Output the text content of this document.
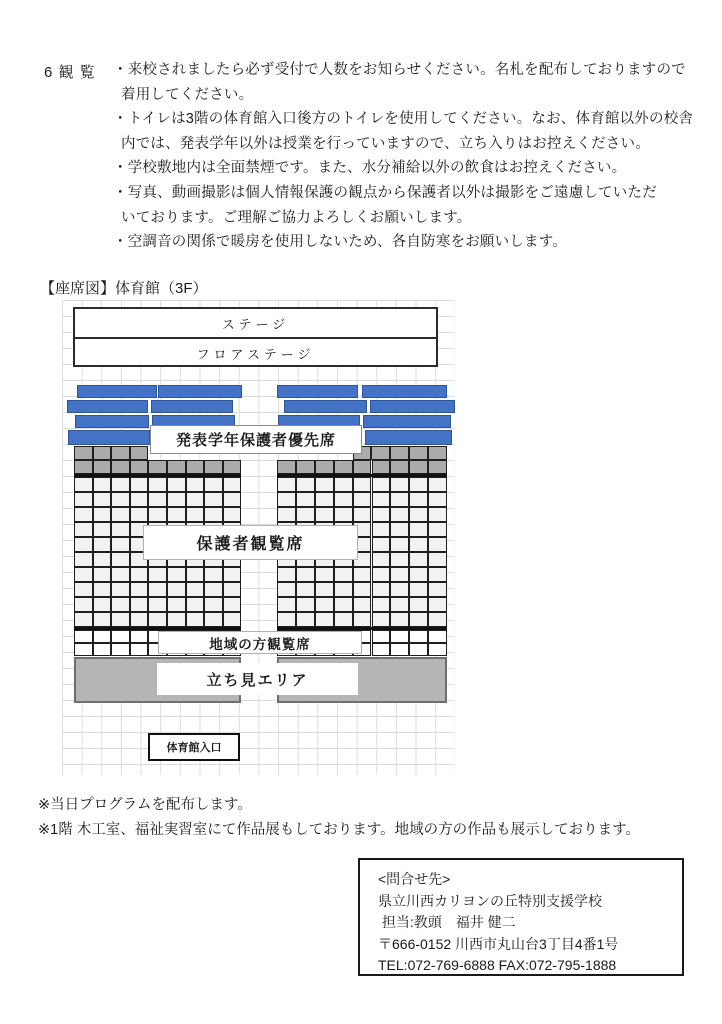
6 観 覧 ・来校されましたら必ず受付で人数をお知らせください。名札を配布しておりますので
着用してください。
・トイレは3階の体育館入口後方のトイレを使用してください。なお、体育館以外の校舎
内では、発表学年以外は授業を行っていますので、立ち入りはお控えください。
・学校敷地内は全面禁煙です。また、水分補給以外の飲食はお控えください。
・写真、動画撮影は個人情報保護の観点から保護者以外は撮影をご遠慮していただ
いております。ご理解ご協力よろしくお願いします。
・空調音の関係で暖房を使用しないため、各自防寒をお願いします。
【座席図】体育館（3F）
ステージ
フロアステージ
発表学年保護者優先席
保護者観覧席
地域の方観覧席
立ち見エリア
体育館入口
※当日プログラムを配布します。
※1階 木工室、福祉実習室にて作品展もしております。地域の方の作品も展示しております。
<問合せ先>
県立川西カリヨンの丘特別支援学校
担当:教頭　福井 健二
〒666-0152 川西市丸山台3丁目4番1号
TEL:072-769-6888 FAX:072-795-1888
